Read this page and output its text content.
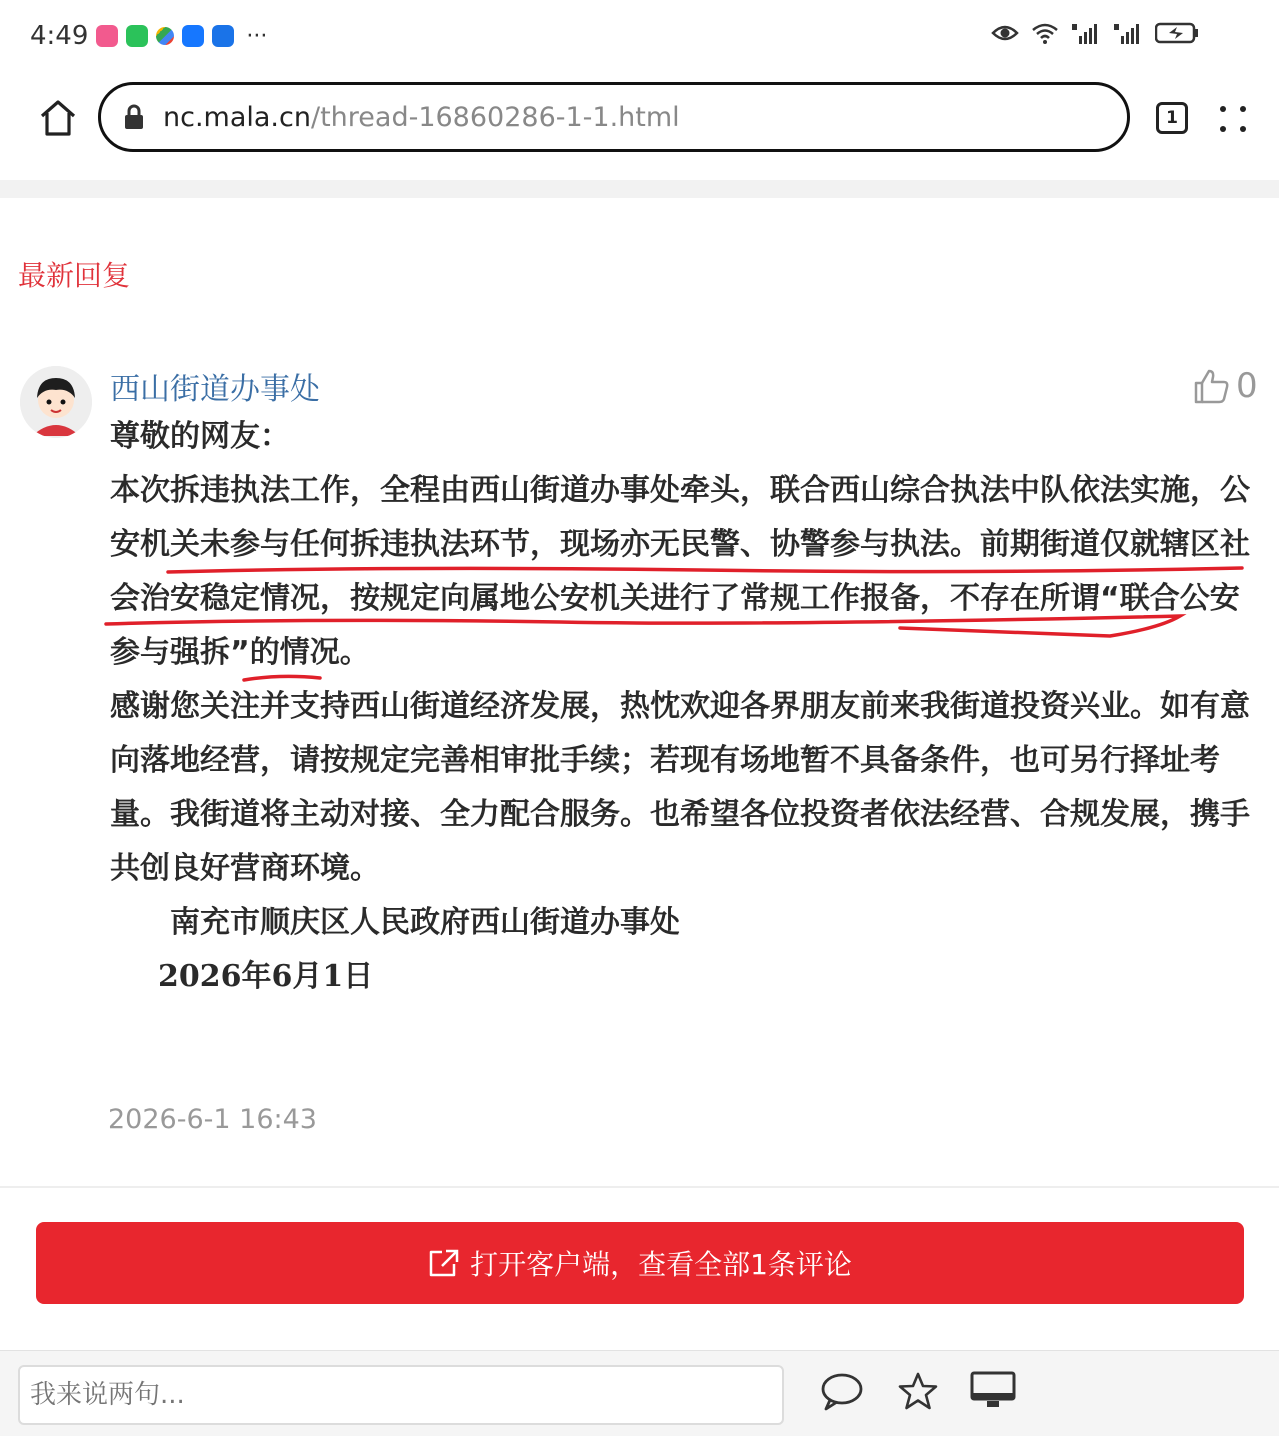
4:49	···
nc.mala.cn /thread-16860286-1-1.html	1
最新回复
西山街道办事处	0

尊敬的网友：

本次拆违执法工作，全程由西山街道办事处牵头，联合西山综合执法中队依法实施，公安机关未参与任何拆违执法环节，现场亦无民警、协警参与执法。前期街道仅就辖区社会治安稳定情况，按规定向属地公安机关进行了常规工作报备，不存在所谓“联合公安参与强拆”的情况。

感谢您关注并支持西山街道经济发展，热忱欢迎各界朋友前来我街道投资兴业。如有意向落地经营，请按规定完善相审批手续；若现有场地暂不具备条件，也可另行择址考量。我街道将主动对接、全力配合服务。也希望各位投资者依法经营、合规发展，携手共创良好营商环境。

南充市顺庆区人民政府西山街道办事处

2026年6月1日

2026-6-1 16:43
打开客户端，查看全部1条评论
我来说两句...
